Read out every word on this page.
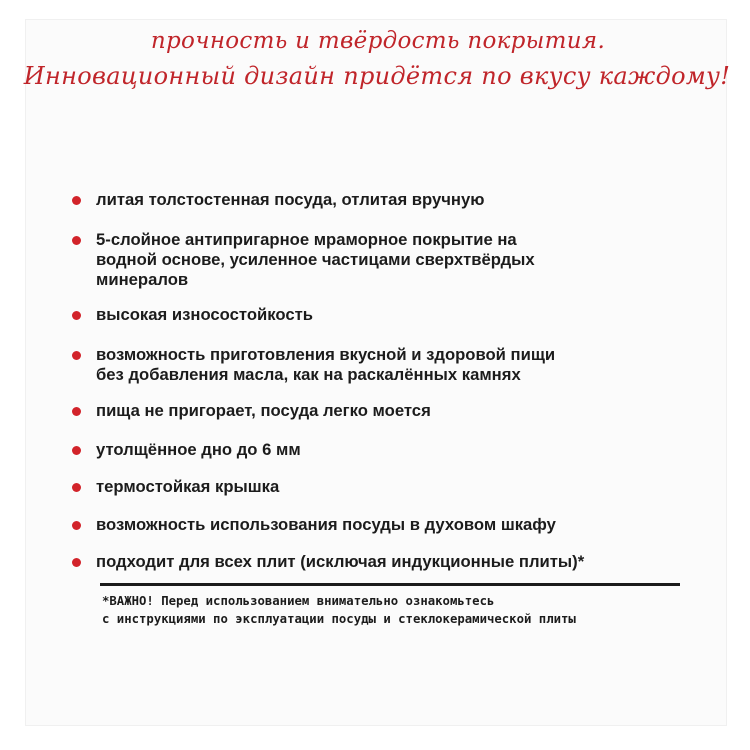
прочность и твёрдость покрытия.
Инновационный дизайн придётся по вкусу каждому!
литая толстостенная посуда, отлитая вручную
5-слойное антипригарное мраморное покрытие на
водной основе, усиленное частицами сверхтвёрдых
минералов
высокая износостойкость
возможность приготовления вкусной и здоровой пищи
без добавления масла, как на раскалённых камнях
пища не пригорает, посуда легко моется
утолщённое дно до 6 мм
термостойкая крышка
возможность использования посуды в духовом шкафу
подходит для всех плит (исключая индукционные плиты)*
*ВАЖНО! Перед использованием внимательно ознакомьтесь
с инструкциями по эксплуатации посуды и стеклокерамической плиты
